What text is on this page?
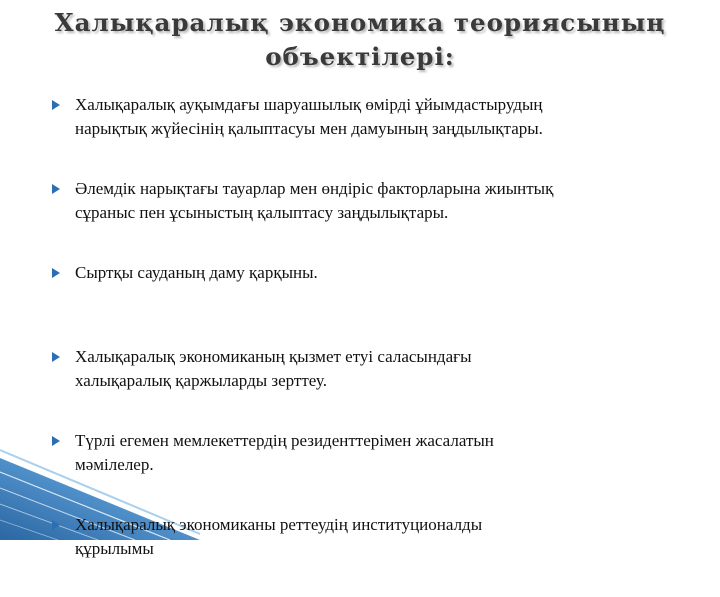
Халықаралық экономика теориясының
объектілері:
Халықаралық ауқымдағы шаруашылық өмірді ұйымдастырудың
нарықтық жүйесінің қалыптасуы мен дамуының заңдылықтары.
Әлемдік нарықтағы тауарлар мен өндіріс факторларына жиынтық
сұраныс пен ұсыныстың қалыптасу заңдылықтары.
Сыртқы сауданың даму қарқыны.
Халықаралық экономиканың қызмет етуі саласындағы
халықаралық қаржыларды зерттеу.
Түрлі егемен мемлекеттердің резиденттерімен жасалатын
мәмілелер.
Халықаралық экономиканы реттеудің институционалды
құрылымы
